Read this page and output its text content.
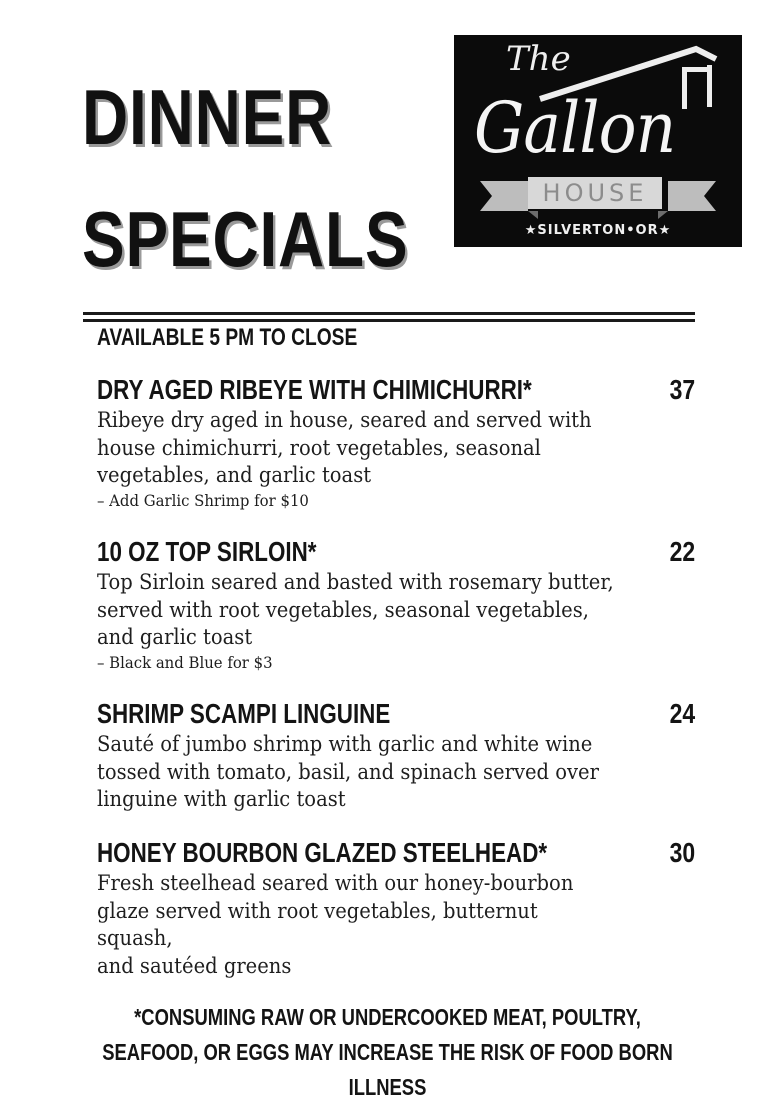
DINNER
SPECIALS
The
Gallon
HOUSE
★SILVERTON•OR★
AVAILABLE 5 PM TO CLOSE
DRY AGED RIBEYE WITH CHIMICHURRI*	37
Ribeye dry aged in house, seared and served with
house chimichurri, root vegetables, seasonal
vegetables, and garlic toast
– Add Garlic Shrimp for $10
10 OZ TOP SIRLOIN*	22
Top Sirloin seared and basted with rosemary butter,
served with root vegetables, seasonal vegetables,
and garlic toast
– Black and Blue for $3
SHRIMP SCAMPI LINGUINE	24
Sauté of jumbo shrimp with garlic and white wine
tossed with tomato, basil, and spinach served over
linguine with garlic toast
HONEY BOURBON GLAZED STEELHEAD*	30
Fresh steelhead seared with our honey-bourbon
glaze served with root vegetables, butternut squash,
and sautéed greens
*CONSUMING RAW OR UNDERCOOKED MEAT, POULTRY,
SEAFOOD, OR EGGS MAY INCREASE THE RISK OF FOOD BORN
ILLNESS
